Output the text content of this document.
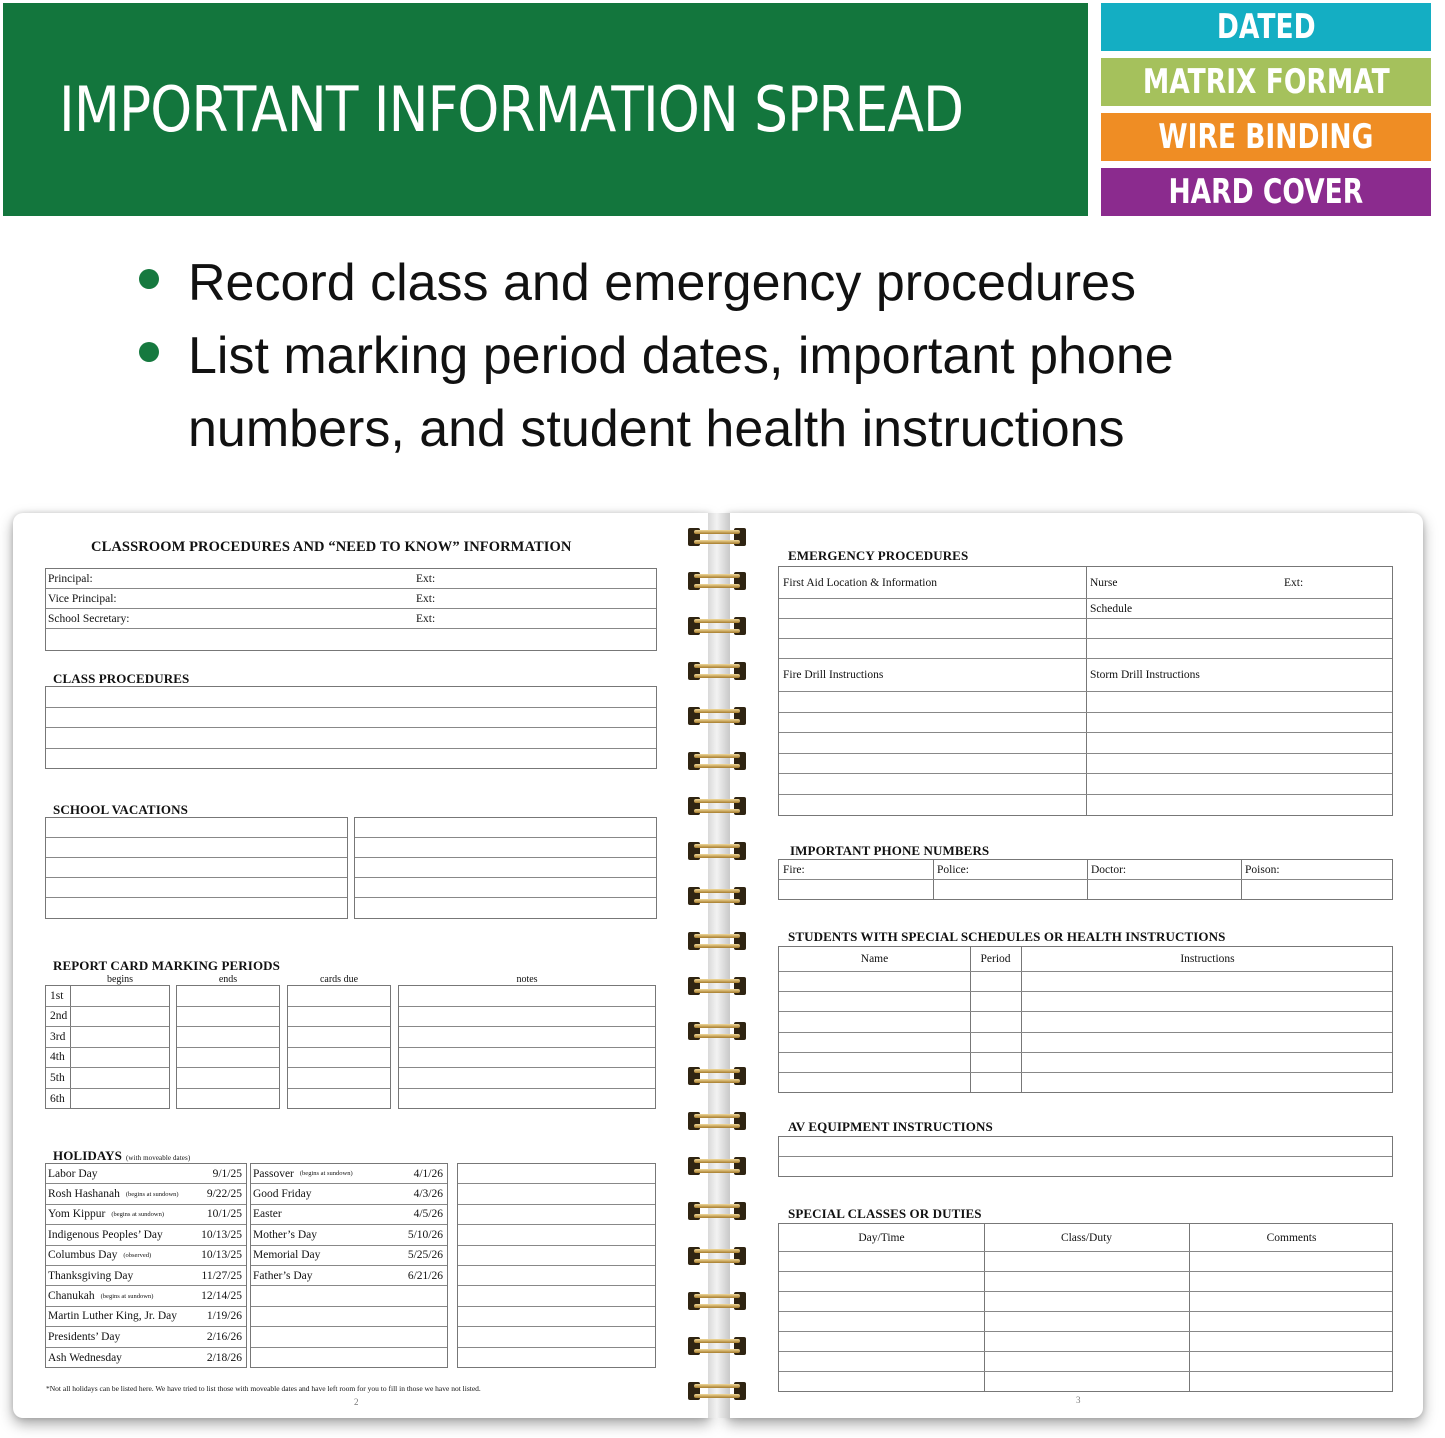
IMPORTANT INFORMATION SPREAD
DATED
MATRIX FORMAT
WIRE BINDING
HARD COVER
Record class and emergency procedures
List marking period dates, important phone
numbers, and student health instructions
CLASSROOM PROCEDURES AND “NEED TO KNOW” INFORMATION
Principal:	Ext:
Vice Principal:	Ext:
School Secretary:	Ext:
CLASS PROCEDURES
SCHOOL VACATIONS
REPORT CARD MARKING PERIODS
begins	ends	cards due	notes
1st
2nd
3rd
4th
5th
6th
HOLIDAYS (with moveable dates)
Labor Day	9/1/25
Rosh Hashanah (begins at sundown) 9/22/25
Yom Kippur (begins at sundown)	10/1/25
Indigenous Peoples’ Day	10/13/25
Columbus Day (observed)	10/13/25
Thanksgiving Day	11/27/25
Chanukah (begins at sundown)	12/14/25
Martin Luther King, Jr. Day	1/19/26
Presidents’ Day	2/16/26
Ash Wednesday	2/18/26
Passover (begins at sundown)	4/1/26
Good Friday	4/3/26
Easter	4/5/26
Mother’s Day	5/10/26
Memorial Day	5/25/26
Father’s Day	6/21/26
*Not all holidays can be listed here. We have tried to list those with moveable dates and have left room for you to fill in those we have not listed.
2
EMERGENCY PROCEDURES
First Aid Location & Information	Nurse	Ext:
Schedule
Fire Drill Instructions	Storm Drill Instructions
IMPORTANT PHONE NUMBERS
Fire:	Police:	Doctor:	Poison:
STUDENTS WITH SPECIAL SCHEDULES OR HEALTH INSTRUCTIONS
Name	Period	Instructions
AV EQUIPMENT INSTRUCTIONS
SPECIAL CLASSES OR DUTIES
Day/Time	Class/Duty	Comments
3
